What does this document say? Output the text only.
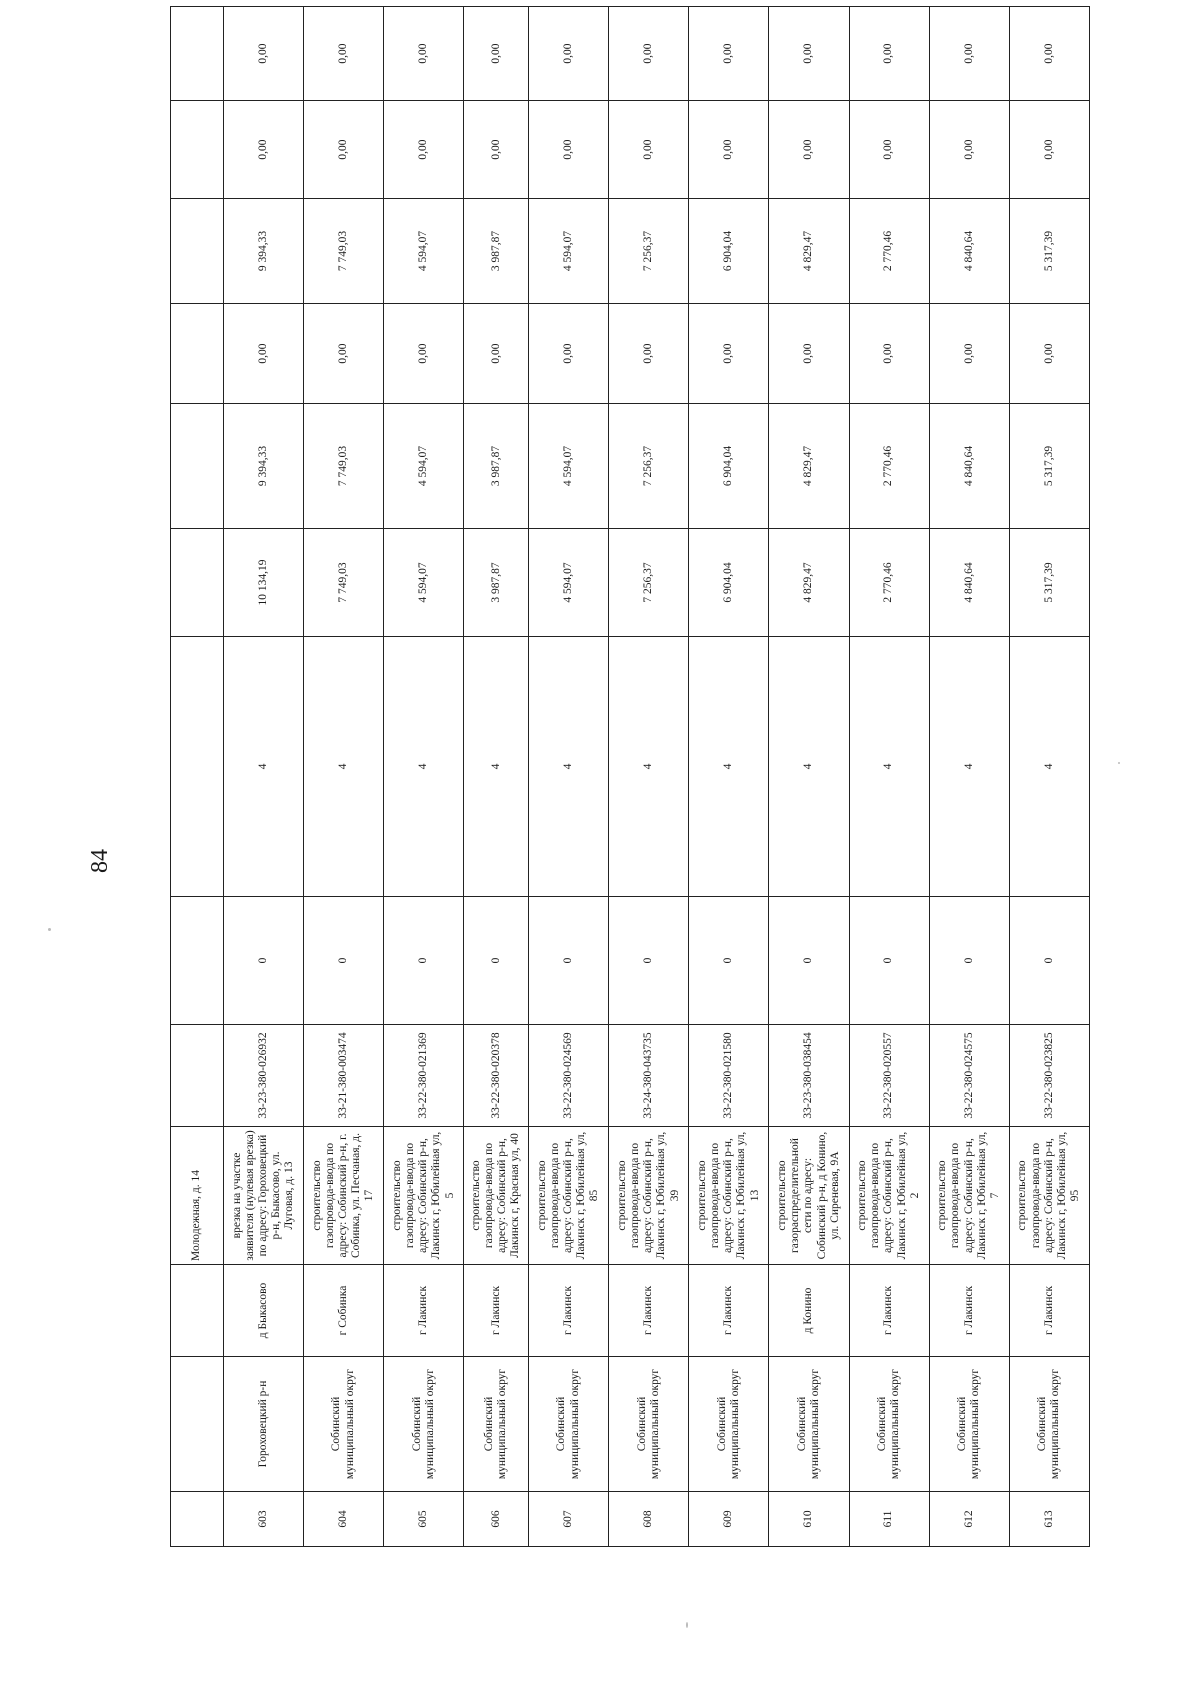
84
			Молодежная, д. 14									
603	Гороховецкий р-н	д Быкасово	врезка на участке заявителя (нулевая врезка) по адресу: Гороховецкий р-н, Быкасово, ул. Луговая, д. 13	33-23-380-026932	0	4	10 134,19	9 394,33	0,00	9 394,33	0,00	0,00
604	Собинский муниципальный округ	г Собинка	строительство газопровода-ввода по адресу: Собинский р-н, г. Собинка, ул. Песчаная, д. 17	33-21-380-003474	0	4	7 749,03	7 749,03	0,00	7 749,03	0,00	0,00
605	Собинский муниципальный округ	г Лакинск	строительство газопровода-ввода по адресу: Собинский р-н, Лакинск г, Юбилейная ул, 5	33-22-380-021369	0	4	4 594,07	4 594,07	0,00	4 594,07	0,00	0,00
606	Собинский муниципальный округ	г Лакинск	строительство газопровода-ввода по адресу: Собинский р-н, Лакинск г, Красная ул, 40	33-22-380-020378	0	4	3 987,87	3 987,87	0,00	3 987,87	0,00	0,00
607	Собинский муниципальный округ	г Лакинск	строительство газопровода-ввода по адресу: Собинский р-н, Лакинск г, Юбилейная ул, 85	33-22-380-024569	0	4	4 594,07	4 594,07	0,00	4 594,07	0,00	0,00
608	Собинский муниципальный округ	г Лакинск	строительство газопровода-ввода по адресу: Собинский р-н, Лакинск г, Юбилейная ул, 39	33-24-380-043735	0	4	7 256,37	7 256,37	0,00	7 256,37	0,00	0,00
609	Собинский муниципальный округ	г Лакинск	строительство газопровода-ввода по адресу: Собинский р-н, Лакинск г, Юбилейная ул, 13	33-22-380-021580	0	4	6 904,04	6 904,04	0,00	6 904,04	0,00	0,00
610	Собинский муниципальный округ	д Конино	строительство газораспределительной сети по адресу: Собинский р-н, д Конино, ул. Сиреневая, 9А	33-23-380-038454	0	4	4 829,47	4 829,47	0,00	4 829,47	0,00	0,00
611	Собинский муниципальный округ	г Лакинск	строительство газопровода-ввода по адресу: Собинский р-н, Лакинск г, Юбилейная ул, 2	33-22-380-020557	0	4	2 770,46	2 770,46	0,00	2 770,46	0,00	0,00
612	Собинский муниципальный округ	г Лакинск	строительство газопровода-ввода по адресу: Собинский р-н, Лакинск г, Юбилейная ул, 7	33-22-380-024575	0	4	4 840,64	4 840,64	0,00	4 840,64	0,00	0,00
613	Собинский муниципальный округ	г Лакинск	строительство газопровода-ввода по адресу: Собинский р-н, Лакинск г, Юбилейная ул, 95	33-22-380-023825	0	4	5 317,39	5 317,39	0,00	5 317,39	0,00	0,00
